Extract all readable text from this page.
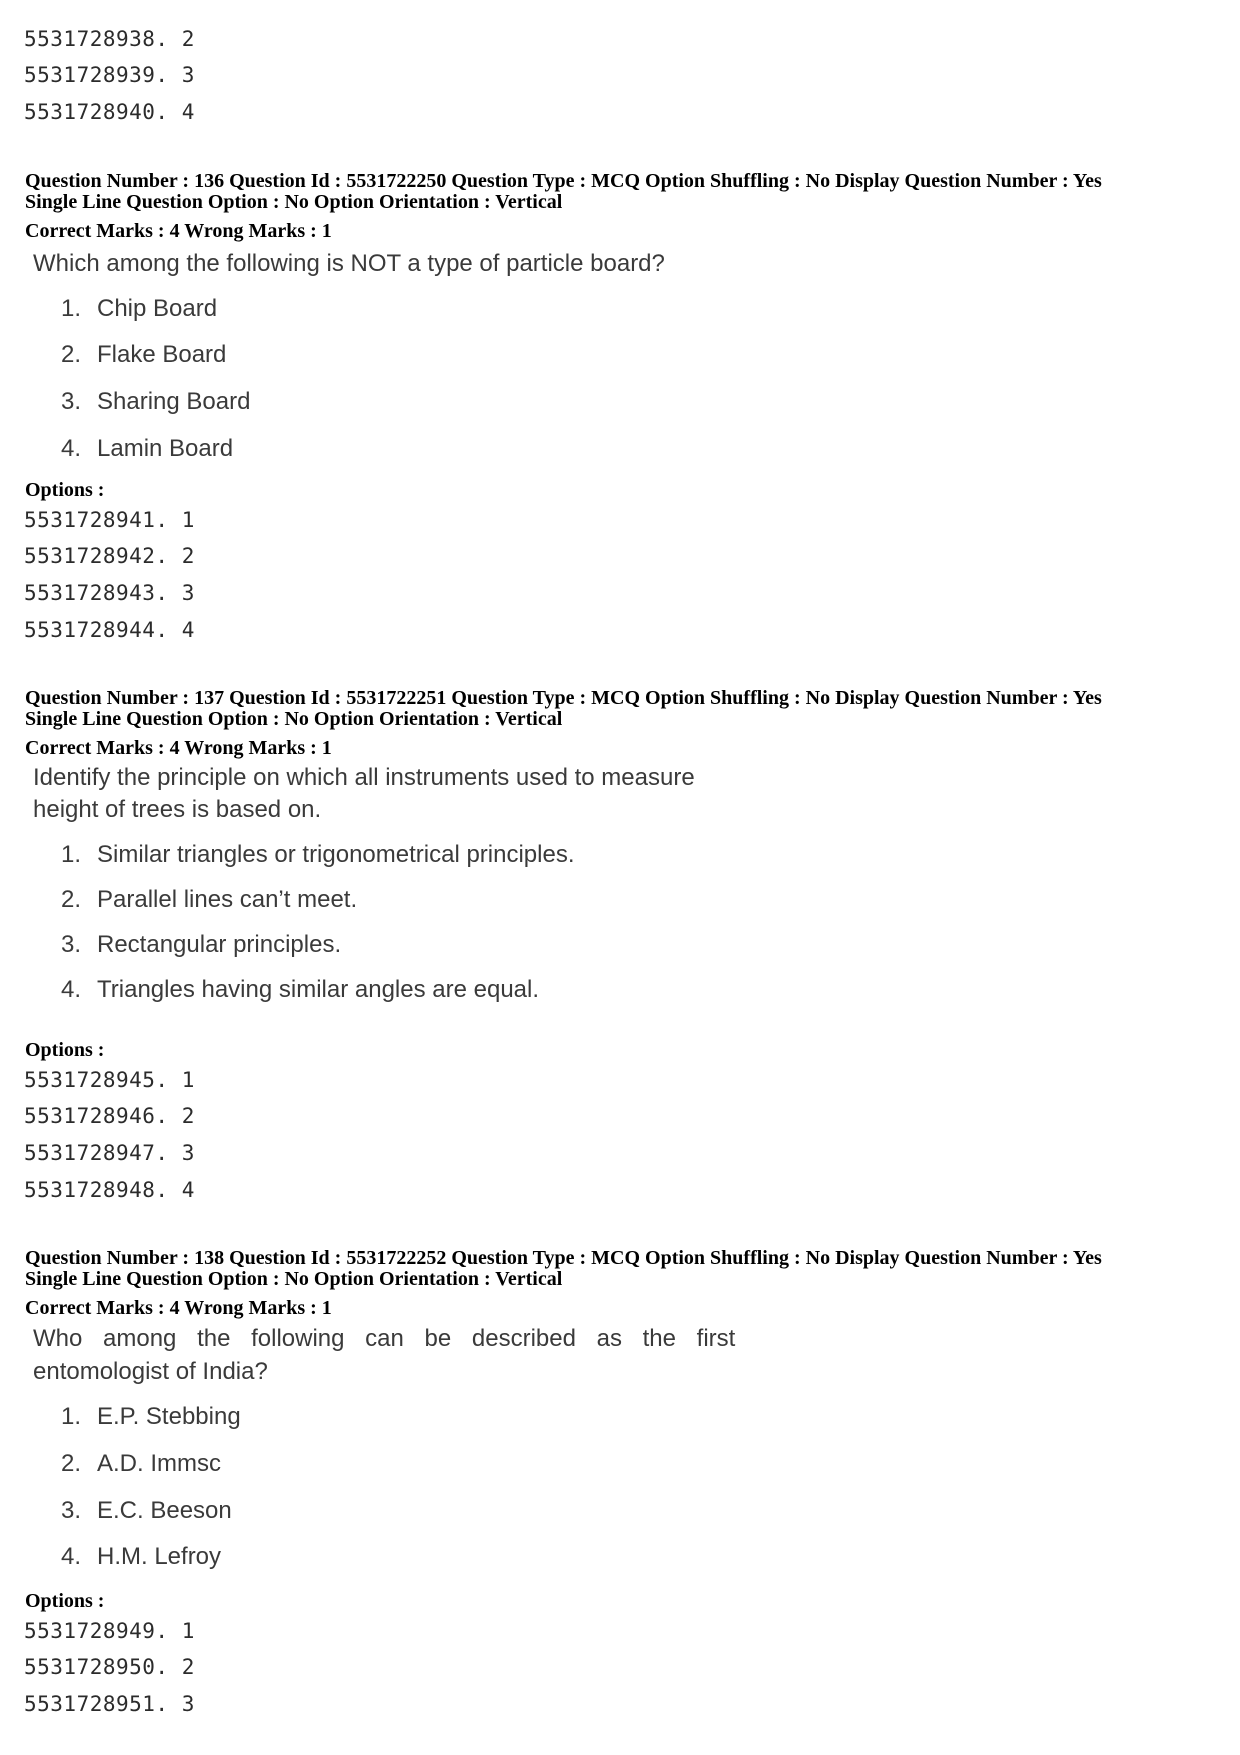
5531728938. 2
5531728939. 3
5531728940. 4
Question Number : 136 Question Id : 5531722250 Question Type : MCQ Option Shuffling : No Display Question Number : Yes
Single Line Question Option : No Option Orientation : Vertical
Correct Marks : 4 Wrong Marks : 1
Which among the following is NOT a type of particle board?
1. Chip Board
2. Flake Board
3. Sharing Board
4. Lamin Board
Options :
5531728941. 1
5531728942. 2
5531728943. 3
5531728944. 4
Question Number : 137 Question Id : 5531722251 Question Type : MCQ Option Shuffling : No Display Question Number : Yes
Single Line Question Option : No Option Orientation : Vertical
Correct Marks : 4 Wrong Marks : 1
Identify the principle on which all instruments used to measure
height of trees is based on.
1. Similar triangles or trigonometrical principles.
2. Parallel lines can’t meet.
3. Rectangular principles.
4. Triangles having similar angles are equal.
Options :
5531728945. 1
5531728946. 2
5531728947. 3
5531728948. 4
Question Number : 138 Question Id : 5531722252 Question Type : MCQ Option Shuffling : No Display Question Number : Yes
Single Line Question Option : No Option Orientation : Vertical
Correct Marks : 4 Wrong Marks : 1
Who among the following can be described as the first
entomologist of India?
1. E.P. Stebbing
2. A.D. Immsc
3. E.C. Beeson
4. H.M. Lefroy
Options :
5531728949. 1
5531728950. 2
5531728951. 3
